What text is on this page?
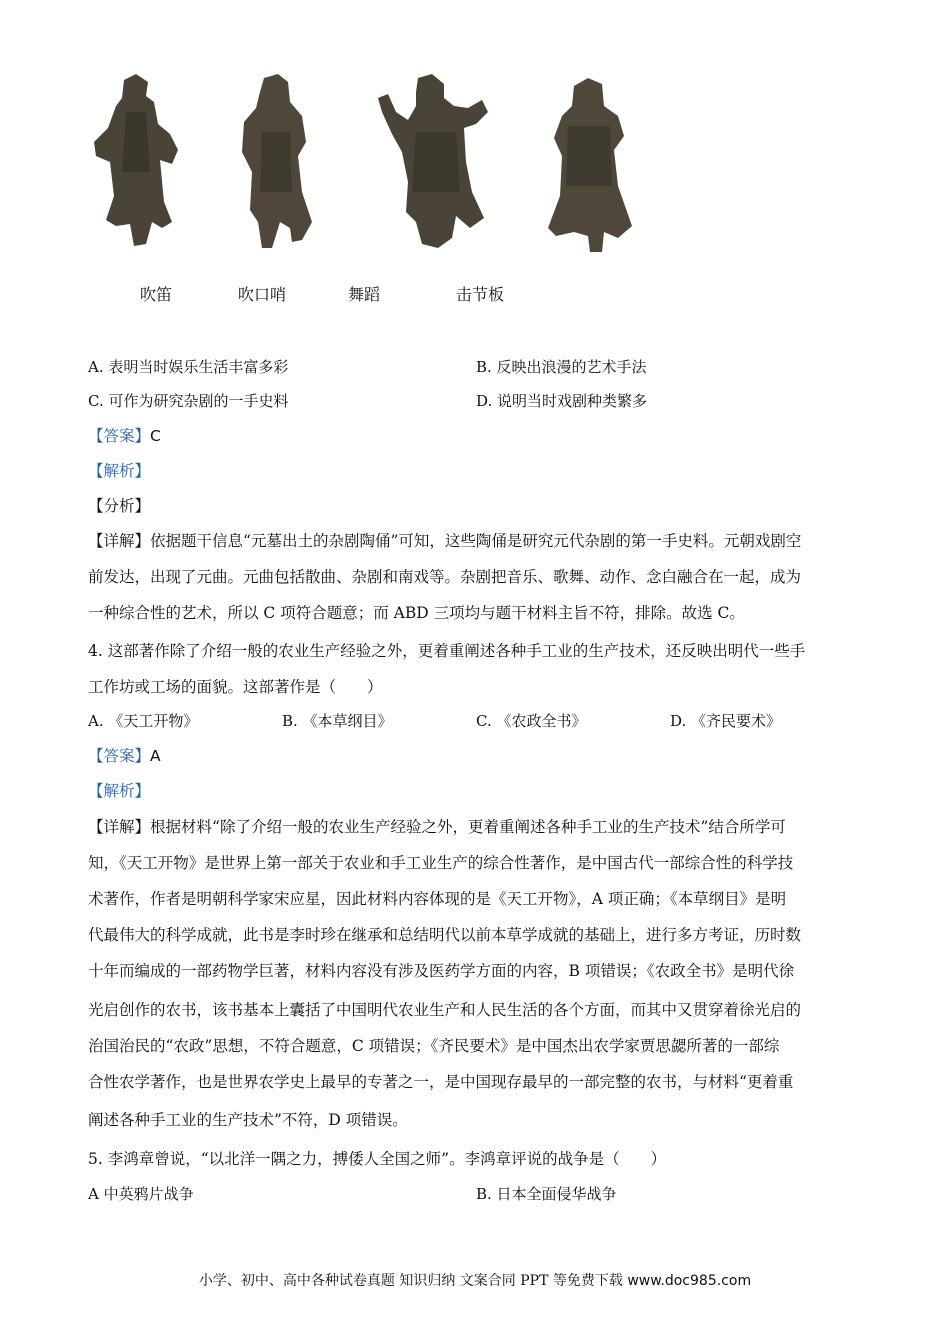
吹笛	吹口哨	舞蹈	击节板
A. 表明当时娱乐生活丰富多彩	B. 反映出浪漫的艺术手法
C. 可作为研究杂剧的一手史料	D. 说明当时戏剧种类繁多
【答案】C
【解析】
【分析】
【详解】依据题干信息“元墓出土的杂剧陶俑”可知，这些陶俑是研究元代杂剧的第一手史料。元朝戏剧空
前发达，出现了元曲。元曲包括散曲、杂剧和南戏等。杂剧把音乐、歌舞、动作、念白融合在一起，成为
一种综合性的艺术，所以 C 项符合题意；而 ABD 三项均与题干材料主旨不符，排除。故选 C。
4. 这部著作除了介绍一般的农业生产经验之外，更着重阐述各种手工业的生产技术，还反映出明代一些手
工作坊或工场的面貌。这部著作是（　　）
A. 《天工开物》	B. 《本草纲目》	C. 《农政全书》	D. 《齐民要术》
【答案】A
【解析】
【详解】根据材料“除了介绍一般的农业生产经验之外，更着重阐述各种手工业的生产技术”结合所学可
知，《天工开物》是世界上第一部关于农业和手工业生产的综合性著作，是中国古代一部综合性的科学技
术著作，作者是明朝科学家宋应星，因此材料内容体现的是《天工开物》，A 项正确；《本草纲目》是明
代最伟大的科学成就，此书是李时珍在继承和总结明代以前本草学成就的基础上，进行多方考证，历时数
十年而编成的一部药物学巨著，材料内容没有涉及医药学方面的内容，B 项错误；《农政全书》是明代徐
光启创作的农书，该书基本上囊括了中国明代农业生产和人民生活的各个方面，而其中又贯穿着徐光启的
治国治民的“农政”思想，不符合题意，C 项错误；《齐民要术》是中国杰出农学家贾思勰所著的一部综
合性农学著作，也是世界农学史上最早的专著之一，是中国现存最早的一部完整的农书，与材料“更着重
阐述各种手工业的生产技术”不符，D 项错误。
5. 李鸿章曾说，“以北洋一隅之力，搏倭人全国之师”。李鸿章评说的战争是（　　）
A 中英鸦片战争	B. 日本全面侵华战争
小学、初中、高中各种试卷真题 知识归纳 文案合同 PPT 等免费下载 www.doc985.com
